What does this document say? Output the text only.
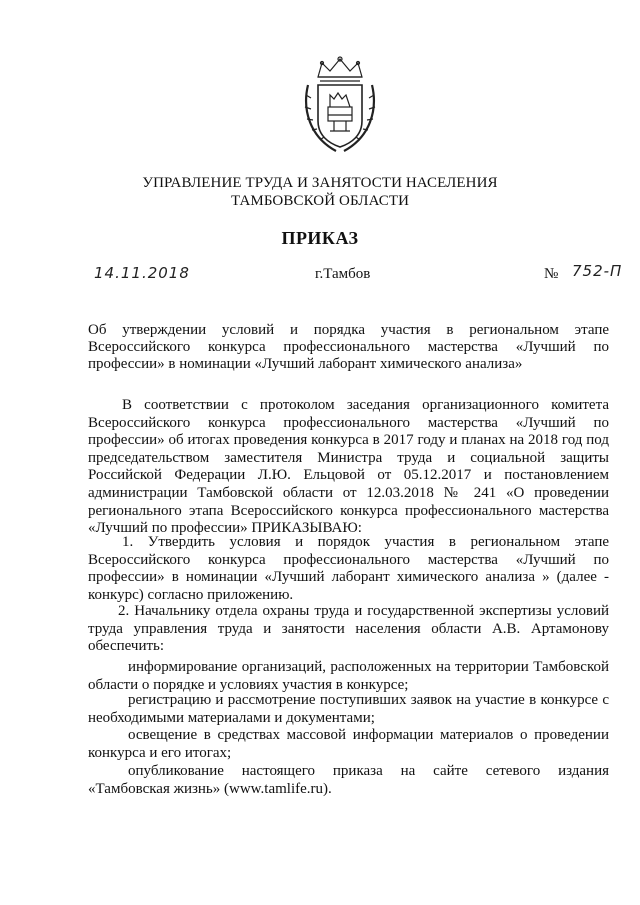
УПРАВЛЕНИЕ ТРУДА И ЗАНЯТОСТИ НАСЕЛЕНИЯ
ТАМБОВСКОЙ ОБЛАСТИ
ПРИКАЗ
14.11.2018	г.Тамбов	№ 752-П
Об утверждении условий и порядка участия в региональном этапе Всероссийского конкурса профессионального мастерства «Лучший по профессии» в номинации «Лучший лаборант химического анализа»
В соответствии с протоколом заседания организационного комитета Всероссийского конкурса профессионального мастерства «Лучший по профессии» об итогах проведения конкурса в 2017 году и планах на 2018 год под председательством заместителя Министра труда и социальной защиты Российской Федерации Л.Ю. Ельцовой от 05.12.2017 и постановлением администрации Тамбовской области от 12.03.2018 № 241 «О проведении регионального этапа Всероссийского конкурса профессионального мастерства «Лучший по профессии» ПРИКАЗЫВАЮ:
1. Утвердить условия и порядок участия в региональном этапе Всероссийского конкурса профессионального мастерства «Лучший по профессии» в номинации «Лучший лаборант химического анализа » (далее - конкурс) согласно приложению.
2. Начальнику отдела охраны труда и государственной экспертизы условий труда управления труда и занятости населения области А.В. Артамонову обеспечить:
информирование организаций, расположенных на территории Тамбовской области о порядке и условиях участия в конкурсе;
регистрацию и рассмотрение поступивших заявок на участие в конкурсе с необходимыми материалами и документами;
освещение в средствах массовой информации материалов о проведении конкурса и его итогах;
опубликование настоящего приказа на сайте сетевого издания «Тамбовская жизнь» (www.tamlife.ru).
